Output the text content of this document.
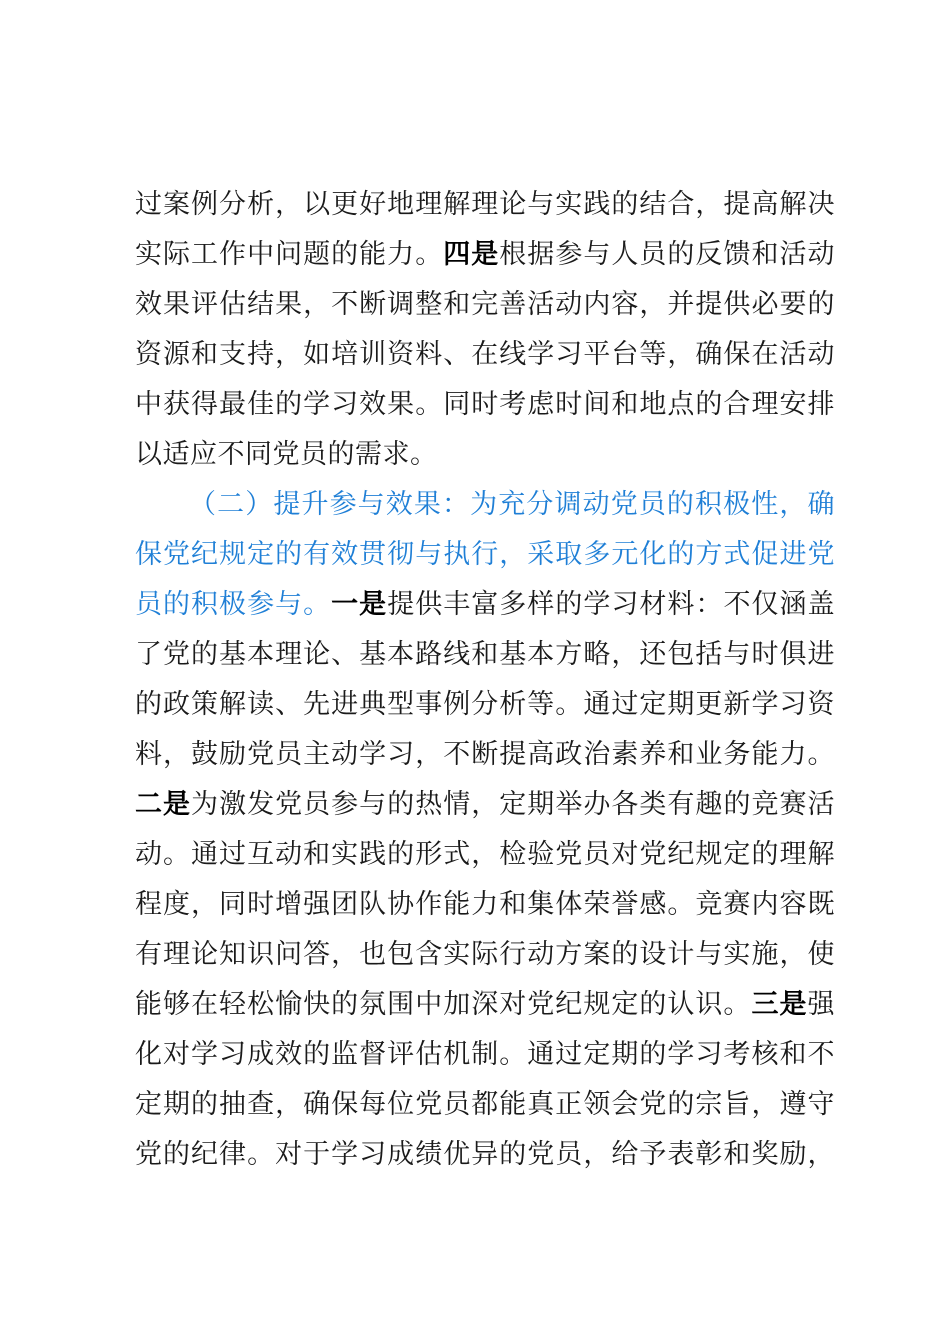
过案例分析，以更好地理解理论与实践的结合，提高解决
实际工作中问题的能力。四是根据参与人员的反馈和活动
效果评估结果，不断调整和完善活动内容，并提供必要的
资源和支持，如培训资料、在线学习平台等，确保在活动
中获得最佳的学习效果。同时考虑时间和地点的合理安排
以适应不同党员的需求。
（二）提升参与效果：为充分调动党员的积极性，确
保党纪规定的有效贯彻与执行，采取多元化的方式促进党
员的积极参与。一是提供丰富多样的学习材料：不仅涵盖
了党的基本理论、基本路线和基本方略，还包括与时俱进
的政策解读、先进典型事例分析等。通过定期更新学习资
料，鼓励党员主动学习，不断提高政治素养和业务能力。
二是为激发党员参与的热情，定期举办各类有趣的竞赛活
动。通过互动和实践的形式，检验党员对党纪规定的理解
程度，同时增强团队协作能力和集体荣誉感。竞赛内容既
有理论知识问答，也包含实际行动方案的设计与实施，使
能够在轻松愉快的氛围中加深对党纪规定的认识。三是强
化对学习成效的监督评估机制。通过定期的学习考核和不
定期的抽查，确保每位党员都能真正领会党的宗旨，遵守
党的纪律。对于学习成绩优异的党员，给予表彰和奖励，
